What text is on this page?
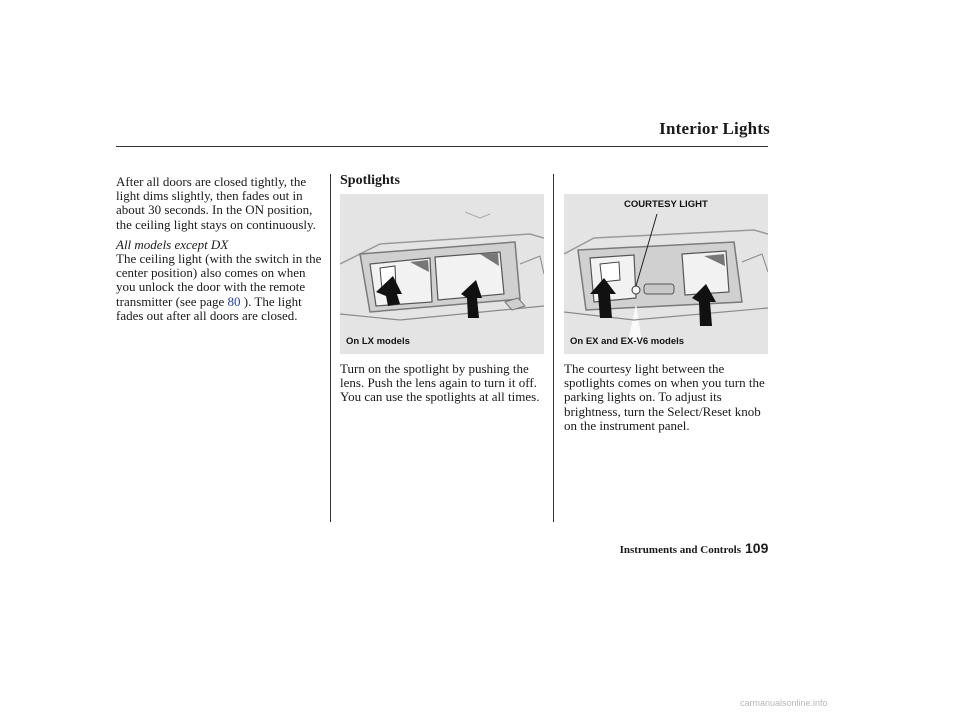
Interior Lights
After all doors are closed tightly, the light dims slightly, then fades out in about 30 seconds. In the ON position, the ceiling light stays on continuously.
All models except DX
The ceiling light (with the switch in the center position) also comes on when you unlock the door with the remote transmitter (see page 80 ). The light fades out after all doors are closed.
Spotlights
On LX models
Turn on the spotlight by pushing the lens. Push the lens again to turn it off. You can use the spotlights at all times.
COURTESY LIGHT
On EX and EX-V6 models
The courtesy light between the spotlights comes on when you turn the parking lights on. To adjust its brightness, turn the Select/Reset knob on the instrument panel.
Instruments and Controls 109
carmanualsonline.info
